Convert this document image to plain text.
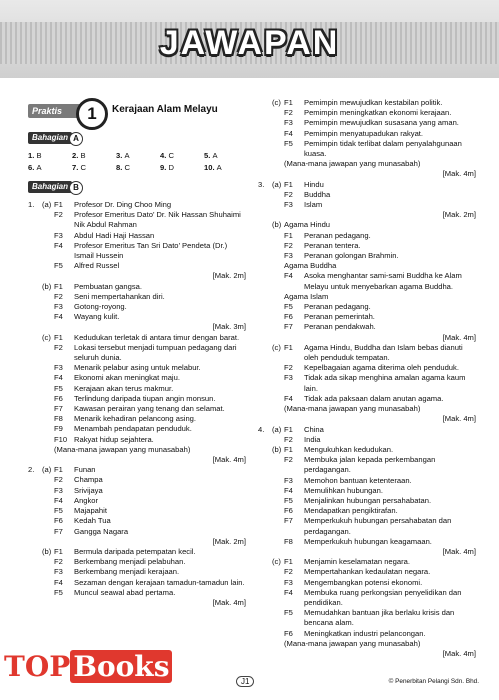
JAWAPAN
Praktis	1	Kerajaan Alam Melayu
Bahagian A
1. B	2. B	3. A	4. C	5. A
6. A	7. C	8. C	9. D	10. A
Bahagian B
1. (a) F1 Profesor Dr. Ding Choo Ming
F2 Profesor Emeritus Dato’ Dr. Nik Hassan Shuhaimi Nik Abdul Rahman
F3 Abdul Hadi Haji Hassan
F4 Profesor Emeritus Tan Sri Dato’ Pendeta (Dr.) Ismail Hussein
F5 Alfred Russel
[Mak. 2m]
(b) F1 Pembuatan gangsa.
F2 Seni mempertahankan diri.
F3 Gotong-royong.
F4 Wayang kulit.
[Mak. 3m]
(c) F1 Kedudukan terletak di antara timur dengan barat.
F2 Lokasi tersebut menjadi tumpuan pedagang dari seluruh dunia.
F3 Menarik pelabur asing untuk melabur.
F4 Ekonomi akan meningkat maju.
F5 Kerajaan akan terus makmur.
F6 Terlindung daripada tiupan angin monsun.
F7 Kawasan perairan yang tenang dan selamat.
F8 Menarik kehadiran pelancong asing.
F9 Menambah pendapatan penduduk.
F10 Rakyat hidup sejahtera.
(Mana-mana jawapan yang munasabah)
[Mak. 4m]
2. (a) F1 Funan
F2 Champa
F3 Srivijaya
F4 Angkor
F5 Majapahit
F6 Kedah Tua
F7 Gangga Nagara
[Mak. 2m]
(b) F1 Bermula daripada petempatan kecil.
F2 Berkembang menjadi pelabuhan.
F3 Berkembang menjadi kerajaan.
F4 Sezaman dengan kerajaan tamadun-tamadun lain.
F5 Muncul seawal abad pertama.
[Mak. 4m]
(c) F1 Pemimpin mewujudkan kestabilan politik.
F2 Pemimpin meningkatkan ekonomi kerajaan.
F3 Pemimpin mewujudkan susasana yang aman.
F4 Pemimpin menyatupadukan rakyat.
F5 Pemimpin tidak terlibat dalam penyalahgunaan kuasa.
(Mana-mana jawapan yang munasabah)
[Mak. 4m]
3. (a) F1 Hindu
F2 Buddha
F3 Islam
[Mak. 2m]
(b) Agama Hindu
F1 Peranan pedagang.
F2 Peranan tentera.
F3 Peranan golongan Brahmin.
Agama Buddha
F4 Asoka menghantar sami-sami Buddha ke Alam Melayu untuk menyebarkan agama Buddha.
Agama Islam
F5 Peranan pedagang.
F6 Peranan pemerintah.
F7 Peranan pendakwah.
[Mak. 4m]
(c) F1 Agama Hindu, Buddha dan Islam bebas dianuti oleh penduduk tempatan.
F2 Kepelbagaian agama diterima oleh penduduk.
F3 Tidak ada sikap menghina amalan agama kaum lain.
F4 Tidak ada paksaan dalam anutan agama.
(Mana-mana jawapan yang munasabah)
[Mak. 4m]
4. (a) F1 China
F2 India
(b) F1 Mengukuhkan kedudukan.
F2 Membuka jalan kepada perkembangan perdagangan.
F3 Memohon bantuan ketenteraan.
F4 Memulihkan hubungan.
F5 Menjalinkan hubungan persahabatan.
F6 Mendapatkan pengiktirafan.
F7 Memperkukuh hubungan persahabatan dan perdagangan.
F8 Memperkukuh hubungan keagamaan.
[Mak. 4m]
(c) F1 Menjamin keselamatan negara.
F2 Mempertahankan kedaulatan negara.
F3 Mengembangkan potensi ekonomi.
F4 Membuka ruang perkongsian penyelidikan dan pendidikan.
F5 Memudahkan bantuan jika berlaku krisis dan bencana alam.
F6 Meningkatkan industri pelancongan.
(Mana-mana jawapan yang munasabah)
[Mak. 4m]
TOP Books	J1	© Penerbitan Pelangi Sdn. Bhd.
